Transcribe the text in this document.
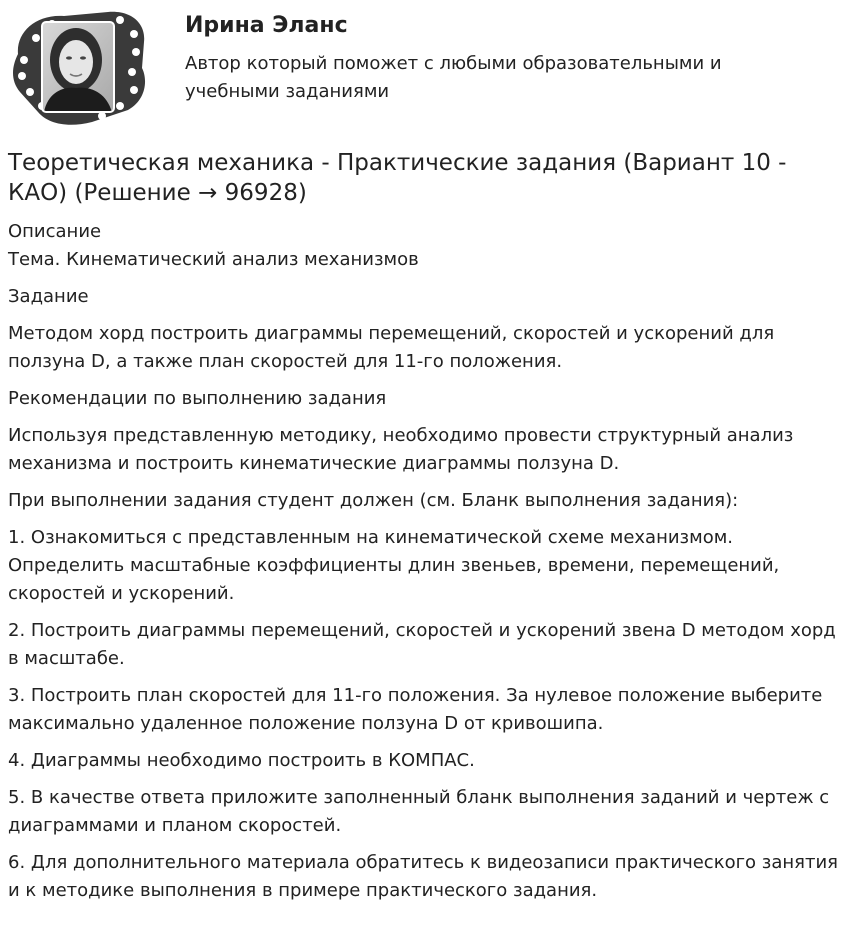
Ирина Эланс

Автор который поможет с любыми образовательными и учебными заданиями

Теоретическая механика - Практические задания (Вариант 10 - КАО) (Решение → 96928)

Описание

Тема. Кинематический анализ механизмов

Задание

Методом хорд построить диаграммы перемещений, скоростей и ускорений для ползуна D, а также план скоростей для 11-го положения.

Рекомендации по выполнению задания

Используя представленную методику, необходимо провести структурный анализ механизма и построить кинематические диаграммы ползуна D.

При выполнении задания студент должен (см. Бланк выполнения задания):

1. Ознакомиться с представленным на кинематической схеме механизмом. Определить масштабные коэффициенты длин звеньев, времени, перемещений, скоростей и ускорений.

2. Построить диаграммы перемещений, скоростей и ускорений звена D методом хорд в масштабе.

3. Построить план скоростей для 11-го положения. За нулевое положение выберите максимально удаленное положение ползуна D от кривошипа.

4. Диаграммы необходимо построить в КОМПАС.

5. В качестве ответа приложите заполненный бланк выполнения заданий и чертеж с диаграммами и планом скоростей.

6. Для дополнительного материала обратитесь к видеозаписи практического занятия и к методике выполнения в примере практического задания.
